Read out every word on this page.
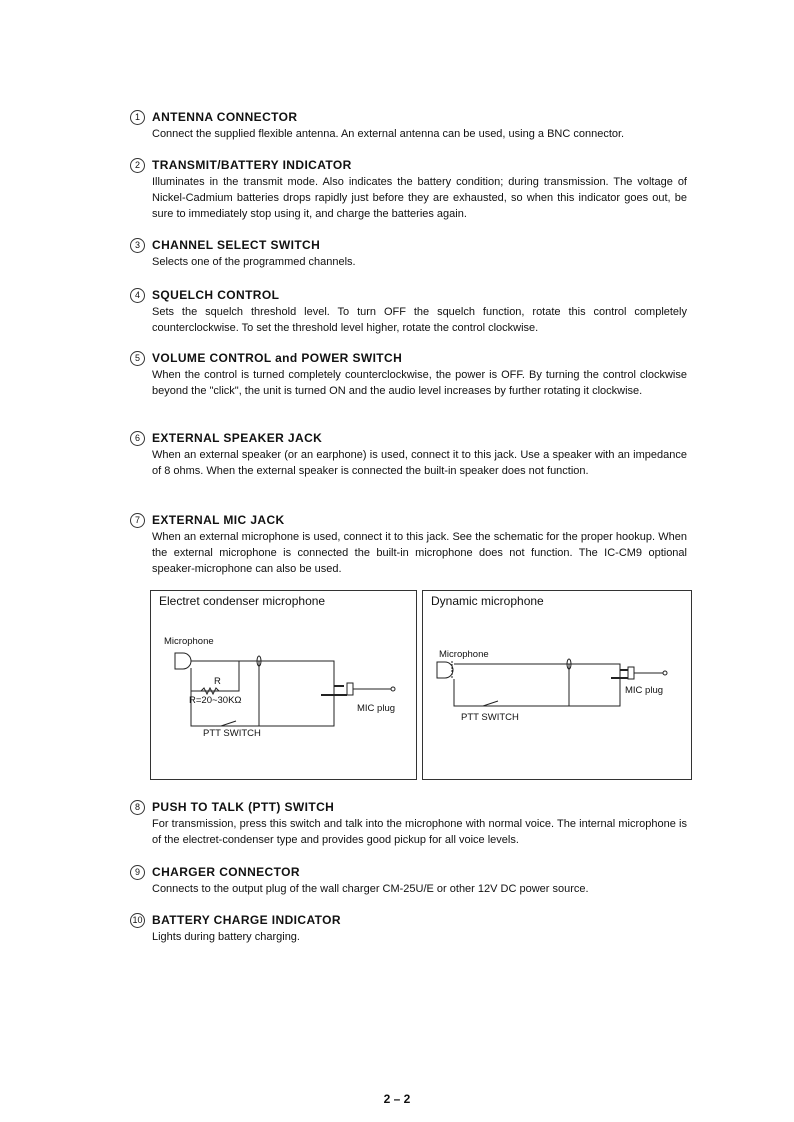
1	ANTENNA CONNECTOR
Connect the supplied flexible antenna. An external antenna can be used, using a BNC connector.
2	TRANSMIT/BATTERY INDICATOR
Illuminates in the transmit mode. Also indicates the battery condition; during transmission. The voltage of Nickel-Cadmium batteries drops rapidly just before they are exhausted, so when this indicator goes out, be sure to immediately stop using it, and charge the batteries again.
3	CHANNEL SELECT SWITCH
Selects one of the programmed channels.
4	SQUELCH CONTROL
Sets the squelch threshold level. To turn OFF the squelch function, rotate this control completely counterclockwise. To set the threshold level higher, rotate the control clockwise.
5	VOLUME CONTROL and POWER SWITCH
When the control is turned completely counterclockwise, the power is OFF. By turning the control clockwise beyond the "click", the unit is turned ON and the audio level increases by further rotating it clockwise.
6	EXTERNAL SPEAKER JACK
When an external speaker (or an earphone) is used, connect it to this jack. Use a speaker with an impedance of 8 ohms. When the external speaker is connected the built-in speaker does not function.
7	EXTERNAL MIC JACK
When an external microphone is used, connect it to this jack. See the schematic for the proper hookup. When the external microphone is connected the built-in microphone does not function. The IC-CM9 optional speaker-microphone can also be used.
Electret condenser microphone
Microphone
R
R=20~30KΩ
MIC plug
PTT SWITCH
Dynamic microphone
Microphone
MIC plug
PTT SWITCH
8	PUSH TO TALK (PTT) SWITCH
For transmission, press this switch and talk into the microphone with normal voice. The internal microphone is of the electret-condenser type and provides good pickup for all voice levels.
9	CHARGER CONNECTOR
Connects to the output plug of the wall charger CM-25U/E or other 12V DC power source.
10 BATTERY CHARGE INDICATOR
Lights during battery charging.
2 – 2
